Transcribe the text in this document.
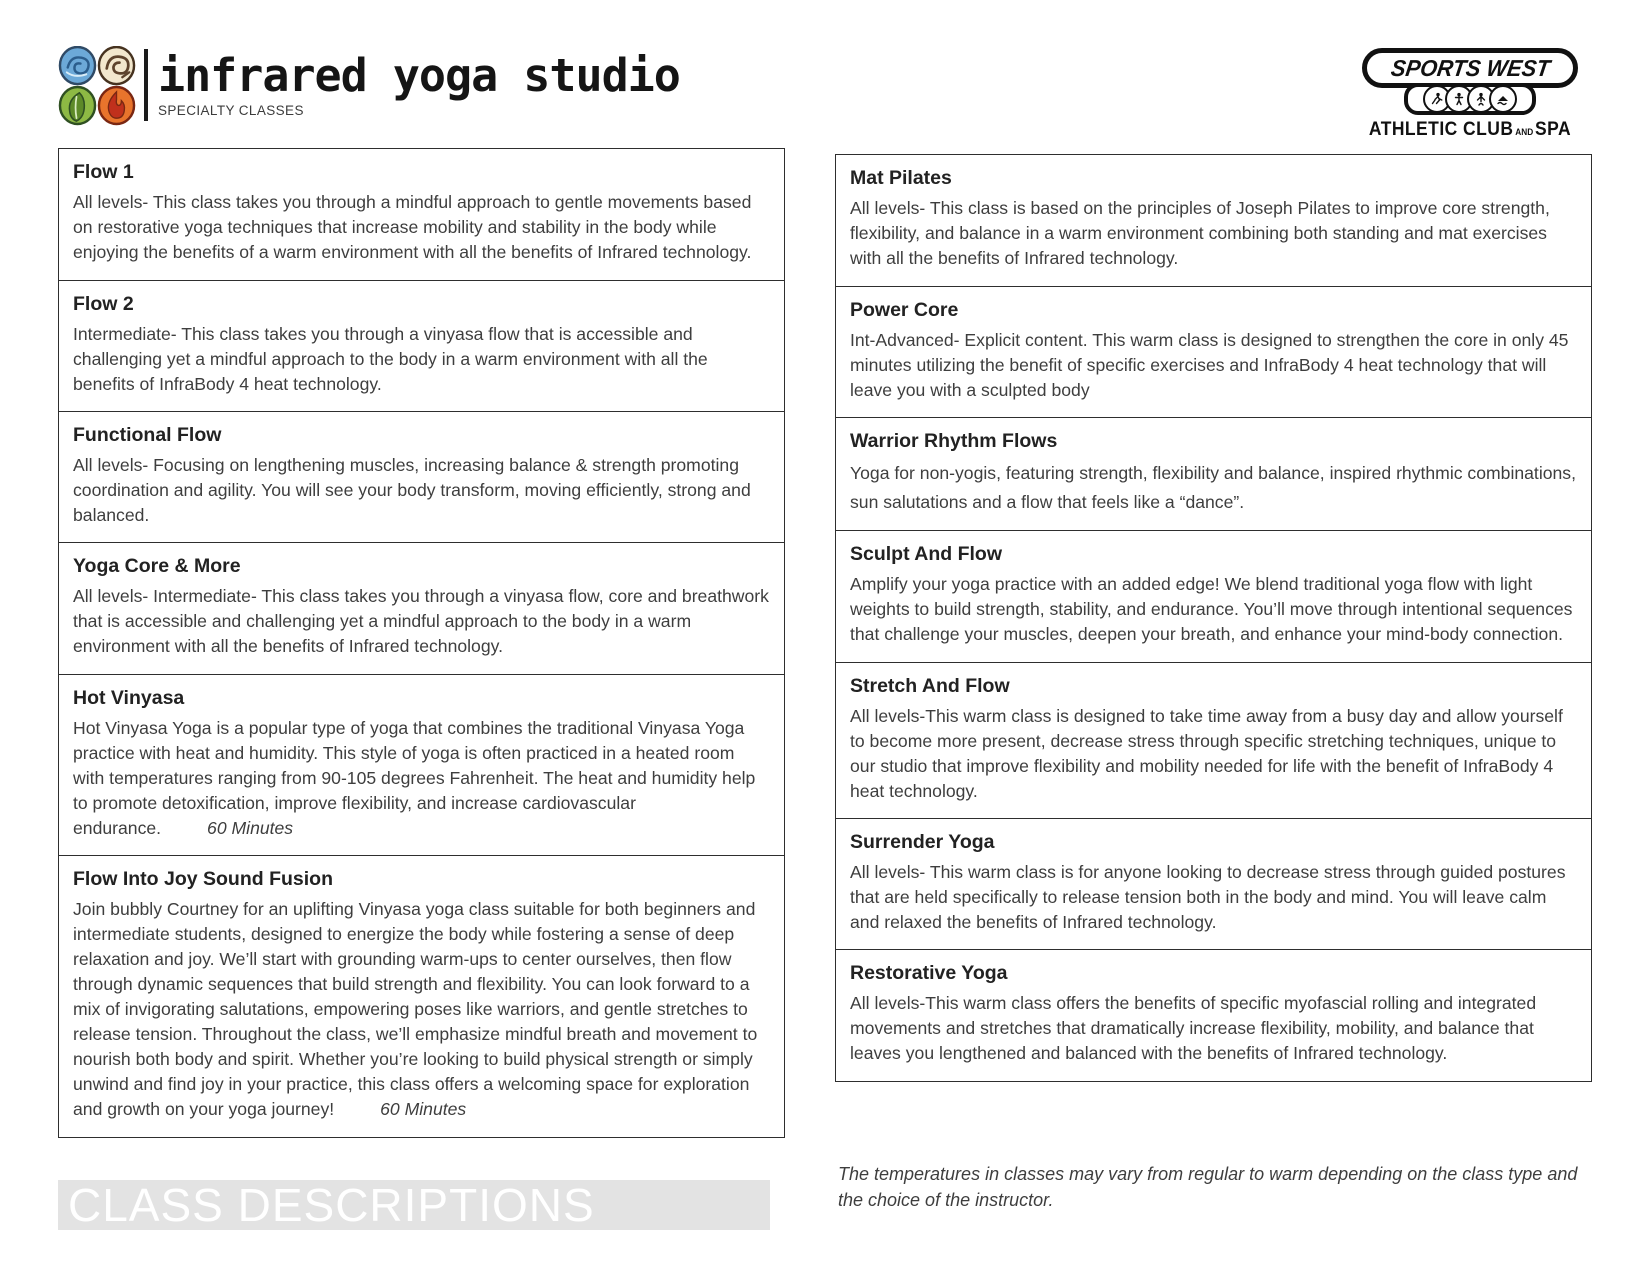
infrared yoga studio
SPECIALTY CLASSES
SPORTS WEST
ATHLETIC CLUB AND SPA
Flow 1

All levels- This class takes you through a mindful approach to gentle movements based on restorative yoga techniques that increase mobility and stability in the body while enjoying the benefits of a warm environment with all the benefits of Infrared technology.

Flow 2

Intermediate- This class takes you through a vinyasa flow that is accessible and challenging yet a mindful approach to the body in a warm environment with all the benefits of InfraBody 4 heat technology.

Functional Flow

All levels- Focusing on lengthening muscles, increasing balance & strength promoting coordination and agility. You will see your body transform, moving efficiently, strong and balanced.

Yoga Core & More

All levels- Intermediate- This class takes you through a vinyasa flow, core and breathwork that is accessible and challenging yet a mindful approach to the body in a warm environment with all the benefits of Infrared technology.

Hot Vinyasa

Hot Vinyasa Yoga is a popular type of yoga that combines the traditional Vinyasa Yoga practice with heat and humidity. This style of yoga is often practiced in a heated room with temperatures ranging from 90-105 degrees Fahrenheit. The heat and humidity help to promote detoxification, improve flexibility, and increase cardiovascular endurance.	60 Minutes

Flow Into Joy Sound Fusion

Join bubbly Courtney for an uplifting Vinyasa yoga class suitable for both beginners and intermediate students, designed to energize the body while fostering a sense of deep relaxation and joy. We’ll start with grounding warm-ups to center ourselves, then flow through dynamic sequences that build strength and flexibility. You can look forward to a mix of invigorating salutations, empowering poses like warriors, and gentle stretches to release tension. Throughout the class, we’ll emphasize mindful breath and movement to nourish both body and spirit. Whether you’re looking to build physical strength or simply unwind and find joy in your practice, this class offers a welcoming space for exploration and growth on your yoga journey!	60 Minutes

Mat Pilates

All levels- This class is based on the principles of Joseph Pilates to improve core strength, flexibility, and balance in a warm environment combining both standing and mat exercises with all the benefits of Infrared technology.

Power Core

Int-Advanced- Explicit content. This warm class is designed to strengthen the core in only 45 minutes utilizing the benefit of specific exercises and InfraBody 4 heat technology that will leave you with a sculpted body

Warrior Rhythm Flows

Yoga for non-yogis, featuring strength, flexibility and balance, inspired rhythmic combinations, sun salutations and a flow that feels like a “dance”.

Sculpt And Flow

Amplify your yoga practice with an added edge! We blend traditional yoga flow with light weights to build strength, stability, and endurance. You’ll move through intentional sequences that challenge your muscles, deepen your breath, and enhance your mind-body connection.

Stretch And Flow

All levels-This warm class is designed to take time away from a busy day and allow yourself to become more present, decrease stress through specific stretching techniques, unique to our studio that improve flexibility and mobility needed for life with the benefit of InfraBody 4 heat technology.

Surrender Yoga

All levels- This warm class is for anyone looking to decrease stress through guided postures that are held specifically to release tension both in the body and mind. You will leave calm and relaxed the benefits of Infrared technology.

Restorative Yoga

All levels-This warm class offers the benefits of specific myofascial rolling and integrated movements and stretches that dramatically increase flexibility, mobility, and balance that leaves you lengthened and balanced with the benefits of Infrared technology.

CLASS DESCRIPTIONS

The temperatures in classes may vary from regular to warm depending on the class type and the choice of the instructor.
